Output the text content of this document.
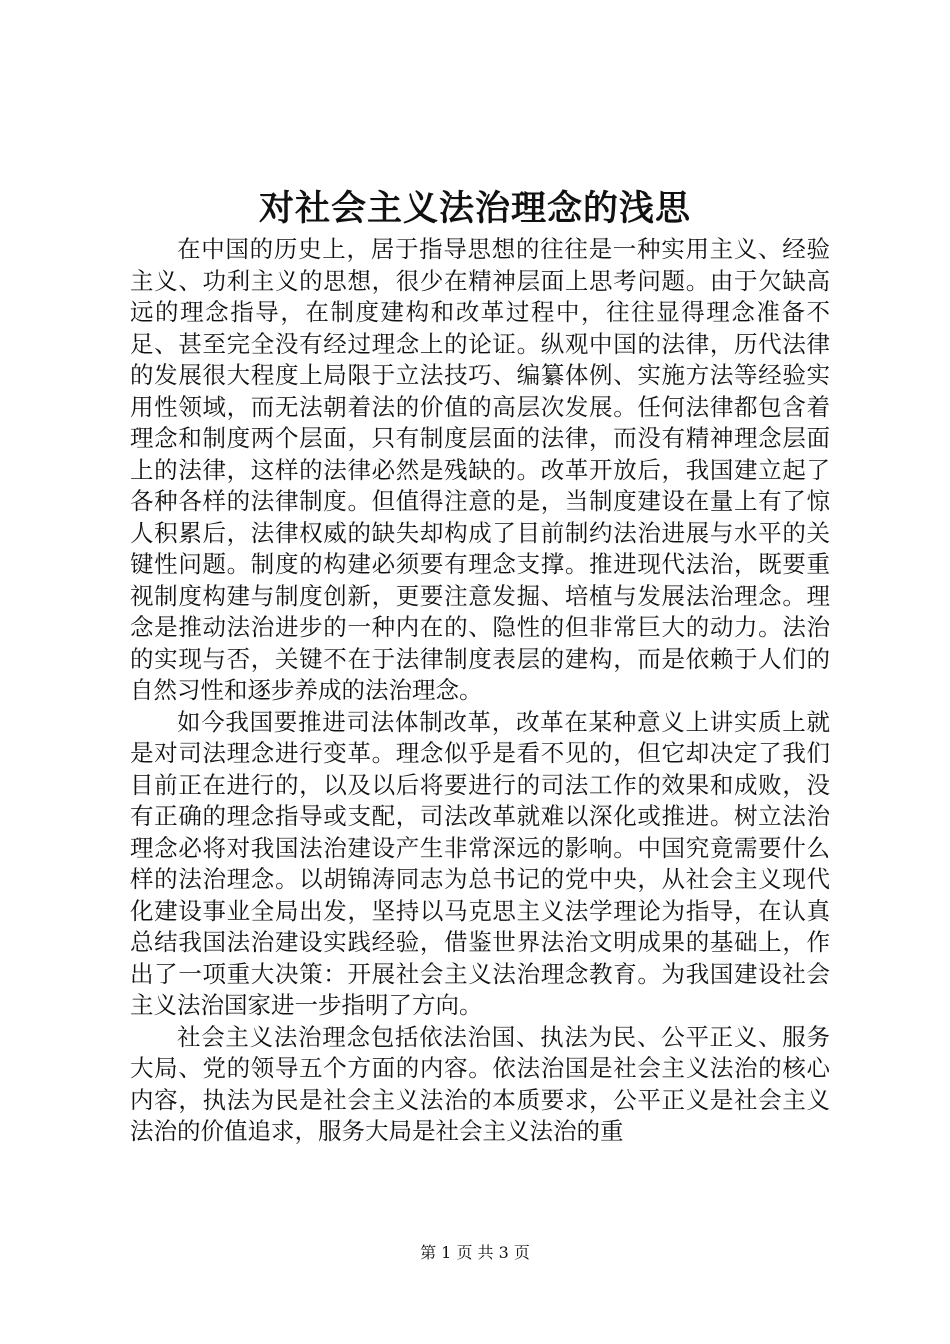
对社会主义法治理念的浅思

在中国的历史上，居于指导思想的往往是一种实用主义、经验主义、功利主义的思想，很少在精神层面上思考问题。由于欠缺高远的理念指导，在制度建构和改革过程中，往往显得理念准备不足、甚至完全没有经过理念上的论证。纵观中国的法律，历代法律的发展很大程度上局限于立法技巧、编纂体例、实施方法等经验实用性领域，而无法朝着法的价值的高层次发展。任何法律都包含着理念和制度两个层面，只有制度层面的法律，而没有精神理念层面上的法律，这样的法律必然是残缺的。改革开放后，我国建立起了各种各样的法律制度。但值得注意的是，当制度建设在量上有了惊人积累后，法律权威的缺失却构成了目前制约法治进展与水平的关键性问题。制度的构建必须要有理念支撑。推进现代法治，既要重视制度构建与制度创新，更要注意发掘、培植与发展法治理念。理念是推动法治进步的一种内在的、隐性的但非常巨大的动力。法治的实现与否，关键不在于法律制度表层的建构，而是依赖于人们的自然习性和逐步养成的法治理念。

如今我国要推进司法体制改革，改革在某种意义上讲实质上就是对司法理念进行变革。理念似乎是看不见的，但它却决定了我们目前正在进行的，以及以后将要进行的司法工作的效果和成败，没有正确的理念指导或支配，司法改革就难以深化或推进。树立法治理念必将对我国法治建设产生非常深远的影响。中国究竟需要什么样的法治理念。以胡锦涛同志为总书记的党中央，从社会主义现代化建设事业全局出发，坚持以马克思主义法学理论为指导，在认真总结我国法治建设实践经验，借鉴世界法治文明成果的基础上，作出了一项重大决策：开展社会主义法治理念教育。为我国建设社会主义法治国家进一步指明了方向。

社会主义法治理念包括依法治国、执法为民、公平正义、服务大局、党的领导五个方面的内容。依法治国是社会主义法治的核心内容，执法为民是社会主义法治的本质要求，公平正义是社会主义法治的价值追求，服务大局是社会主义法治的重

第 1 页 共 3 页
